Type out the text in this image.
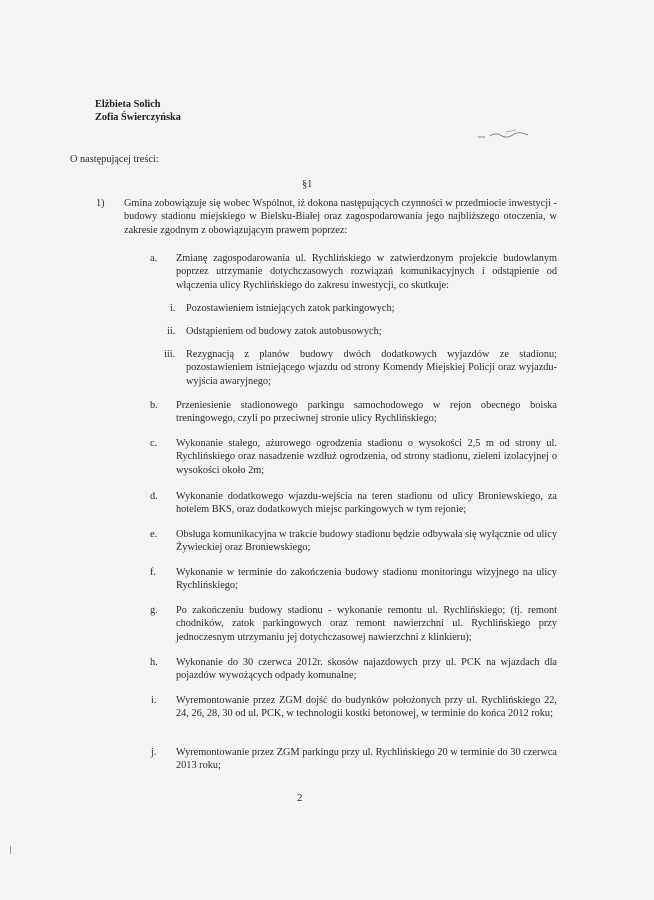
Elżbieta Solich
Zofia Świerczyńska
O następującej treści:
§1
1) Gmina zobowiązuje się wobec Wspólnot, iż dokona następujących czynności w przedmiocie inwestycji - budowy stadionu miejskiego w Bielsku-Białej oraz zagospodarowania jego najbliższego otoczenia, w zakresie zgodnym z obowiązującym prawem poprzez:
a. Zmianę zagospodarowania ul. Rychlińskiego w zatwierdzonym projekcie budowlanym poprzez utrzymanie dotychczasowych rozwiązań komunikacyjnych i odstąpienie od włączenia ulicy Rychlińskiego do zakresu inwestycji, co skutkuje:
i. Pozostawieniem istniejących zatok parkingowych;
ii. Odstąpieniem od budowy zatok autobusowych;
iii. Rezygnacją z planów budowy dwóch dodatkowych wyjazdów ze stadionu; pozostawieniem istniejącego wjazdu od strony Komendy Miejskiej Policji oraz wyjazdu-wyjścia awaryjnego;
b. Przeniesienie stadionowego parkingu samochodowego w rejon obecnego boiska treningowego, czyli po przeciwnej stronie ulicy Rychlińskiego;
c. Wykonanie stałego, ażurowego ogrodzenia stadionu o wysokości 2,5 m od strony ul. Rychlińskiego oraz nasadzenie wzdłuż ogrodzenia, od strony stadionu, zieleni izolacyjnej o wysokości około 2m;
d. Wykonanie dodatkowego wjazdu-wejścia na teren stadionu od ulicy Broniewskiego, za hotelem BKS, oraz dodatkowych miejsc parkingowych w tym rejonie;
e. Obsługa komunikacyjna w trakcie budowy stadionu będzie odbywała się wyłącznie od ulicy Żywieckiej oraz Broniewskiego;
f. Wykonanie w terminie do zakończenia budowy stadionu monitoringu wizyjnego na ulicy Rychlińskiego;
g. Po zakończeniu budowy stadionu - wykonanie remontu ul. Rychlińskiego; (tj. remont chodników, zatok parkingowych oraz remont nawierzchni ul. Rychlińskiego przy jednoczesnym utrzymaniu jej dotychczasowej nawierzchni z klinkieru);
h. Wykonanie do 30 czerwca 2012r. skosów najazdowych przy ul. PCK na wjazdach dla pojazdów wywożących odpady komunalne;
i. Wyremontowanie przez ZGM dojść do budynków położonych przy ul. Rychlińskiego 22, 24, 26, 28, 30 od ul. PCK, w technologii kostki betonowej, w terminie do końca 2012 roku;
j. Wyremontowanie przez ZGM parkingu przy ul. Rychlińskiego 20 w terminie do 30 czerwca 2013 roku;
2
